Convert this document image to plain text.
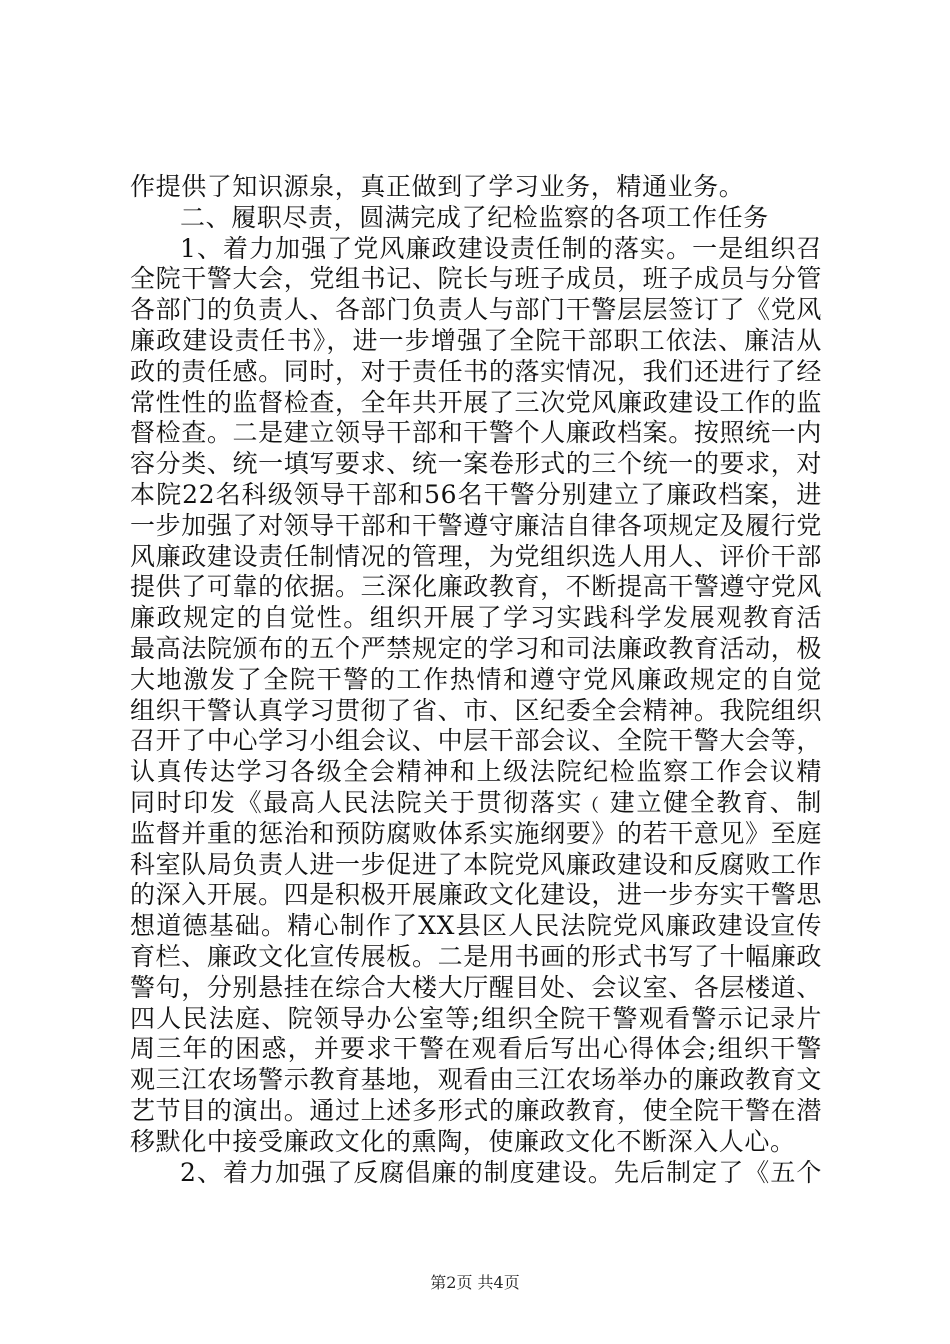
作提供了知识源泉，真正做到了学习业务，精通业务。
二、履职尽责，圆满完成了纪检监察的各项工作任务
1、着力加强了党风廉政建设责任制的落实。一是组织召
全院干警大会，党组书记、院长与班子成员，班子成员与分管
各部门的负责人、各部门负责人与部门干警层层签订了《党风
廉政建设责任书》，进一步增强了全院干部职工依法、廉洁从
政的责任感。同时，对于责任书的落实情况，我们还进行了经
常性性的监督检查，全年共开展了三次党风廉政建设工作的监
督检查。二是建立领导干部和干警个人廉政档案。按照统一内
容分类、统一填写要求、统一案卷形式的三个统一的要求，对
本院22名科级领导干部和56名干警分别建立了廉政档案，进
一步加强了对领导干部和干警遵守廉洁自律各项规定及履行党
风廉政建设责任制情况的管理，为党组织选人用人、评价干部
提供了可靠的依据。三深化廉政教育，不断提高干警遵守党风
廉政规定的自觉性。组织开展了学习实践科学发展观教育活
最高法院颁布的五个严禁规定的学习和司法廉政教育活动，极
大地激发了全院干警的工作热情和遵守党风廉政规定的自觉
组织干警认真学习贯彻了省、市、区纪委全会精神。我院组织
召开了中心学习小组会议、中层干部会议、全院干警大会等，
认真传达学习各级全会精神和上级法院纪检监察工作会议精
同时印发《最高人民法院关于贯彻落实﹙建立健全教育、制
监督并重的惩治和预防腐败体系实施纲要》的若干意见》至庭
科室队局负责人进一步促进了本院党风廉政建设和反腐败工作
的深入开展。四是积极开展廉政文化建设，进一步夯实干警思
想道德基础。精心制作了XX县区人民法院党风廉政建设宣传
育栏、廉政文化宣传展板。二是用书画的形式书写了十幅廉政
警句，分别悬挂在综合大楼大厅醒目处、会议室、各层楼道、
四人民法庭、院领导办公室等;组织全院干警观看警示记录片
周三年的困惑，并要求干警在观看后写出心得体会;组织干警
观三江农场警示教育基地，观看由三江农场举办的廉政教育文
艺节目的演出。通过上述多形式的廉政教育，使全院干警在潜
移默化中接受廉政文化的熏陶，使廉政文化不断深入人心。
2、着力加强了反腐倡廉的制度建设。先后制定了《五个
第2页 共4页
